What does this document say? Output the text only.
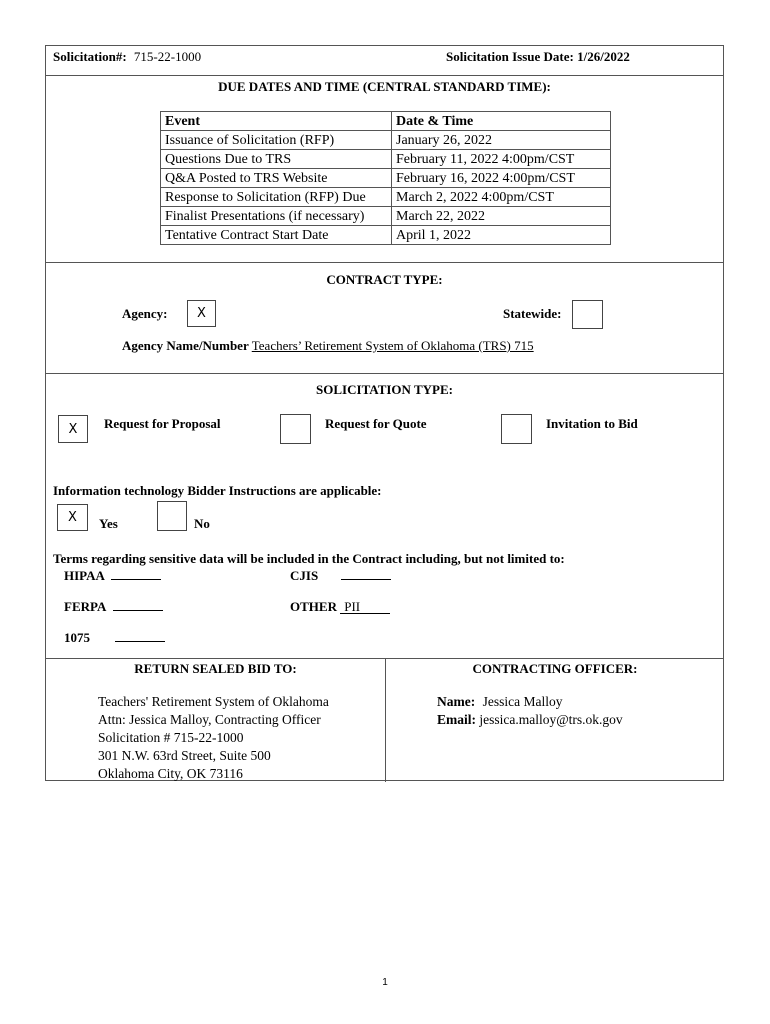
Solicitation#: 715-22-1000	Solicitation Issue Date: 1/26/2022
DUE DATES AND TIME (CENTRAL STANDARD TIME):
Event	Date & Time
Issuance of Solicitation (RFP)	January 26, 2022
Questions Due to TRS	February 11, 2022 4:00pm/CST
Q&A Posted to TRS Website	February 16, 2022 4:00pm/CST
Response to Solicitation (RFP) Due	March 2, 2022 4:00pm/CST
Finalist Presentations (if necessary)	March 22, 2022
Tentative Contract Start Date	April 1, 2022
CONTRACT TYPE:
Agency:	X	Statewide:
Agency Name/Number Teachers’ Retirement System of Oklahoma (TRS) 715
SOLICITATION TYPE:
X	Request for Proposal	Request for Quote	Invitation to Bid
Information technology Bidder Instructions are applicable:
X	Yes	No
Terms regarding sensitive data will be included in the Contract including, but not limited to:
HIPAA	CJIS
FERPA	OTHER PII
1075
RETURN SEALED BID TO:
Teachers' Retirement System of Oklahoma
Attn: Jessica Malloy, Contracting Officer
Solicitation # 715-22-1000
301 N.W. 63rd Street, Suite 500
Oklahoma City, OK 73116
CONTRACTING OFFICER:
Name: Jessica Malloy
Email: jessica.malloy@trs.ok.gov
1
